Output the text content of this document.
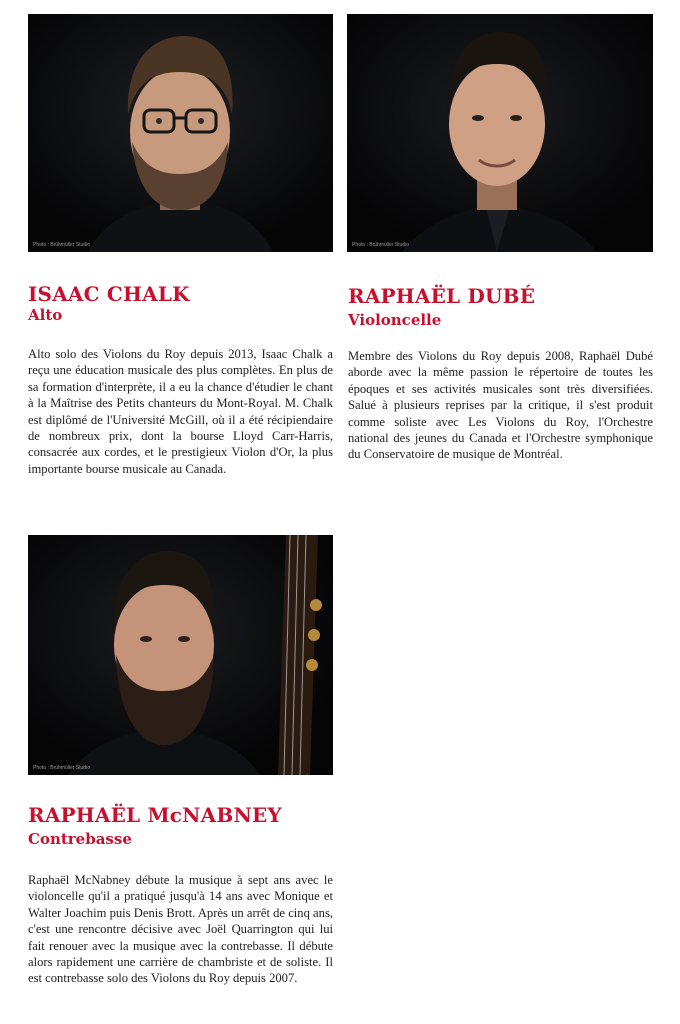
Photo : Brühmüller Studio
ISAAC CHALK
Alto

Alto solo des Violons du Roy depuis 2013, Isaac Chalk a reçu une éducation musicale des plus complètes. En plus de sa formation d'interprète, il a eu la chance d'étudier le chant à la Maîtrise des Petits chanteurs du Mont-Royal. M. Chalk est diplômé de l'Université McGill, où il a été récipiendaire de nombreux prix, dont la bourse Lloyd Carr-Harris, consacrée aux cordes, et le prestigieux Violon d'Or, la plus importante bourse musicale au Canada.

Photo : Brühmüller Studio
RAPHAËL DUBÉ
Violoncelle

Membre des Violons du Roy depuis 2008, Raphaël Dubé aborde avec la même passion le répertoire de toutes les époques et ses activités musicales sont très diversifiées. Salué à plusieurs reprises par la critique, il s'est produit comme soliste avec Les Violons du Roy, l'Orchestre national des jeunes du Canada et l'Orchestre symphonique du Conservatoire de musique de Montréal.

Photo : Brühmüller Studio
RAPHAËL McNABNEY
Contrebasse

Raphaël McNabney débute la musique à sept ans avec le violoncelle qu'il a pratiqué jusqu'à 14 ans avec Monique et Walter Joachim puis Denis Brott. Après un arrêt de cinq ans, c'est une rencontre décisive avec Joël Quarrington qui lui fait renouer avec la musique avec la contrebasse. Il débute alors rapidement une carrière de chambriste et de soliste. Il est contrebasse solo des Violons du Roy depuis 2007.
